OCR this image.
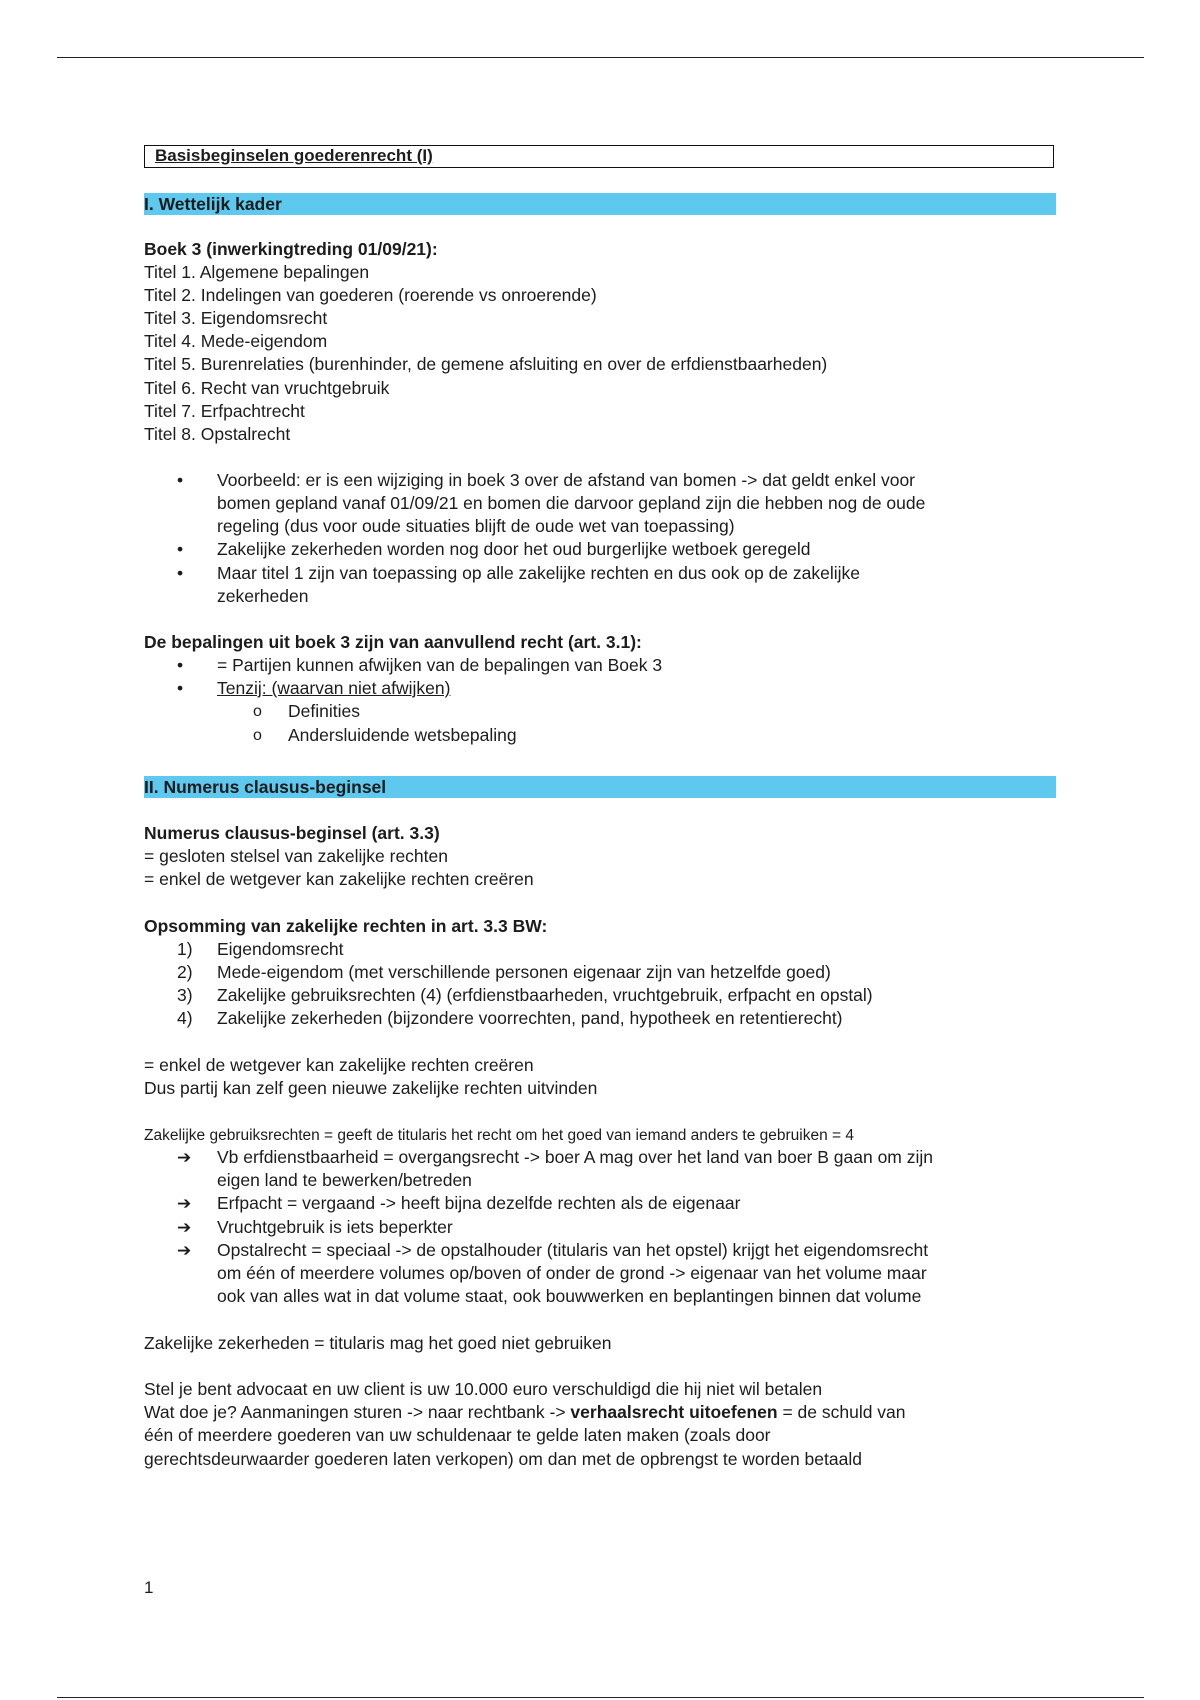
Basisbeginselen goederenrecht (I)
I. Wettelijk kader
Boek 3 (inwerkingtreding 01/09/21):
Titel 1. Algemene bepalingen
Titel 2. Indelingen van goederen (roerende vs onroerende)
Titel 3. Eigendomsrecht
Titel 4. Mede-eigendom
Titel 5. Burenrelaties (burenhinder, de gemene afsluiting en over de erfdienstbaarheden)
Titel 6. Recht van vruchtgebruik
Titel 7. Erfpachtrecht
Titel 8. Opstalrecht
• Voorbeeld: er is een wijziging in boek 3 over de afstand van bomen -> dat geldt enkel voor
bomen gepland vanaf 01/09/21 en bomen die darvoor gepland zijn die hebben nog de oude
regeling (dus voor oude situaties blijft de oude wet van toepassing)
• Zakelijke zekerheden worden nog door het oud burgerlijke wetboek geregeld
• Maar titel 1 zijn van toepassing op alle zakelijke rechten en dus ook op de zakelijke
zekerheden
De bepalingen uit boek 3 zijn van aanvullend recht (art. 3.1):
• = Partijen kunnen afwijken van de bepalingen van Boek 3
• Tenzij: (waarvan niet afwijken)
o Definities
o Andersluidende wetsbepaling
II. Numerus clausus-beginsel
Numerus clausus-beginsel (art. 3.3)
= gesloten stelsel van zakelijke rechten
= enkel de wetgever kan zakelijke rechten creëren
Opsomming van zakelijke rechten in art. 3.3 BW:
1) Eigendomsrecht
2) Mede-eigendom (met verschillende personen eigenaar zijn van hetzelfde goed)
3) Zakelijke gebruiksrechten (4) (erfdienstbaarheden, vruchtgebruik, erfpacht en opstal)
4) Zakelijke zekerheden (bijzondere voorrechten, pand, hypotheek en retentierecht)
= enkel de wetgever kan zakelijke rechten creëren
Dus partij kan zelf geen nieuwe zakelijke rechten uitvinden
Zakelijke gebruiksrechten = geeft de titularis het recht om het goed van iemand anders te gebruiken = 4
➔ Vb erfdienstbaarheid = overgangsrecht -> boer A mag over het land van boer B gaan om zijn
eigen land te bewerken/betreden
➔ Erfpacht = vergaand -> heeft bijna dezelfde rechten als de eigenaar
➔ Vruchtgebruik is iets beperkter
➔ Opstalrecht = speciaal -> de opstalhouder (titularis van het opstel) krijgt het eigendomsrecht
om één of meerdere volumes op/boven of onder de grond -> eigenaar van het volume maar
ook van alles wat in dat volume staat, ook bouwwerken en beplantingen binnen dat volume
Zakelijke zekerheden = titularis mag het goed niet gebruiken
Stel je bent advocaat en uw client is uw 10.000 euro verschuldigd die hij niet wil betalen
Wat doe je? Aanmaningen sturen -> naar rechtbank -> verhaalsrecht uitoefenen = de schuld van
één of meerdere goederen van uw schuldenaar te gelde laten maken (zoals door
gerechtsdeurwaarder goederen laten verkopen) om dan met de opbrengst te worden betaald
1
